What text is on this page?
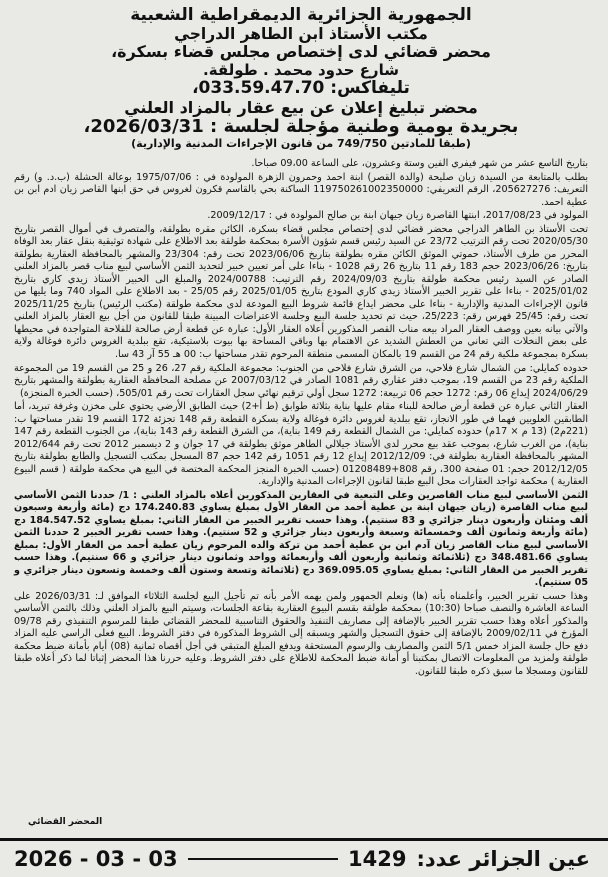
الجمهورية الجزائرية الديمقراطية الشعبية
مكتب الأستاذ ابن الطاهر الدراجي
محضر قضائي لدى إختصاص مجلس قضاء بسكرة،
شارع حدود محمد . طولقة.
تليفاكس: 033.59.47.70،
محضر تبليغ إعلان عن بيع عقار بالمزاد العلني
بجريدة يومية وطنية مؤجلة لجلسة : 2026/03/31،
(طبقا للمادتين 749/750 من قانون الإجراءات المدنية والإدارية)

بتاريخ التاسع عشر من شهر فيفري الفين وستة وعشرون، على الساعة 09،00 صباحا.

بطلب بالمتابعة من السيدة زيان صليحة (والدة القصر) ابنة احمد وحمرون الزهرة المولودة في : 1975/07/06 بوعالة الحشلة (ب.د. و) رقم التعريف: 205627276، الرقم التعريفي: 119750261002350000 الساكنة بحي بالقاسم قكرون لغروس في حق ابنها القاصر زيان ادم ابن بن عطية احمد.

المولود في 2017/08/23، ابنتها القاصرة زيان جيهان ابنة بن صالح المولودة في : 2009/12/17.

تحت الأستاذ بن الطاهر الدراجي محضر قضائي لدى إختصاص مجلس قضاء بسكرة، الكائن مقره بطولقة، والمتصرف في أموال القصر بتاريخ 2020/05/30 تحت رقم الترتيب 23/72 عن السيد رئيس قسم شؤون الأسرة بمحكمة طولقة بعد الاطلاع على شهادة توثيقية بنقل عقار بعد الوفاة المحرر من طرف الأستاذ، حموتي الموثق الكائن مقره بطولقة بتاريخ 2023/06/06 تحت رقم: 23/304 والمشهر بالمحافظة العقارية بطولقة بتاريخ: 2023/06/26 حجم 183 رقم 11 بتاريخ 26 رقم 1028 - بناءا على أمر تعيين خبير لتحديد الثمن الأساسي لبيع مناب قصر بالمزاد العلني الصادر عن السيد رئيس محكمة طولقة بتاريخ 2024/09/03 رقم الترتيب: 2024/00788 والمبلغ الى الخبير الأستاذ زيدي كاري بتاريخ 2025/01/02 - بناءا على تقرير الخبير الأستاذ زيدي كاري المودع بتاريخ 2025/01/05 رقم 25/05 - بعد الاطلاع على المواد 740 وما يليها من قانون الإجراءات المدنية والإدارية - بناءا على محضر ايداع قائمة شروط البيع المودعة لدى محكمة طولقة (مكتب الرئيس) بتاريخ 2025/11/25 تحت رقم: 25/45 فهرس رقم: 25/223، حيث تم تحديد جلسة البيع وجلسة الاعتراضات المبينة طبقا للقانون من أجل بيع العقار بالمزاد العلني والآتي بيانه بعين ووصف العقار المراد بيعه مناب القصر المذكورين أعلاه العقار الأول: عبارة عن قطعة أرض صالحة للفلاحة المتواجدة في محيطها على بعض النخلات التي تعاني من العطش الشديد عن الاهتمام بها وباقي المساحة بها بيوت بلاستيكية، تقع ببلدية الغروس دائرة فوغالة ولاية بسكرة بمجموعة ملكية رقم 24 من القسم 19 بالمكان المسمى منطقة المرحوم تقدر مساحتها ب: 00 هـ 55 آر 43 سا.

حدوده كمايلي: من الشمال شارع فلاحي، من الشرق شارع فلاحي من الجنوب: مجموعة الملكية رقم 27، 26 و 25 من القسم 19 من المجموعة الملكية رقم 23 من القسم 19، بموجب دفتر عقاري رقم 1081 الصادر في 2007/03/12 عن مصلحة المحافظة العقارية بطولقة والمشهر بتاريخ 2024/06/29 إيداع 06 رقم: 1272 حجم 06 تربيعة: 1272 سجل أولي ترقيم نهائي سجل العقارات تحت رقم 505/01، (حسب الخبرة المنجزة)

العقار الثاني عبارة عن قطعة أرض صالحة للبناء مقام عليها بناية بثلاثة طوابق (ط أ+2) حيث الطابق الأرضي يحتوي على مخزن وغرفة تبريد، أما الطابقين العلويين فهما في طور الانجاز، تقع ببلدية لغروس دائرة فوغالة ولاية بسكرة القطعة رقم 148 تجزئة 172 القسم 19 تقدر مساحتها ب: (221م2) (13 م × 17م) حدوده كمايلي: من الشمال القطعة رقم 149 بناية)، من الشرق القطعة رقم 143 بناية)، من الجنوب القطعة رقم 147 بناية)، من الغرب شارع، بموجب عقد بيع محرر لدى الأستاذ جيلالي الطاهر موثق بطولقة في 17 جوان و 2 ديسمبر 2012 تحت رقم 2012/644 المشهر بالمحافظة العقارية بطولقة في: 2012/12/09 إيداع 12 رقم 1051 رقم 142 حجم 87 المسجل بمكتب التسجيل والطابع بطولقة بتاريخ 2012/12/05 حجم: 01 صفحة 300، رقم 808+01208489 (حسب الخبرة المنجز المحكمة المختصة في البيع هي محكمة طولقة ( قسم البيوع العقارية ) محكمة تواجد العقارات محل البيع طبقا لقانون الإجراءات المدنية والإدارية.

الثمن الأساسي لبيع مناب القاصرين وعلى التبعية في العقارين المذكورين أعلاه بالمزاد العلني : 1/ حددنا الثمن الأساسي لبيع مناب القاصرة (زيان جيهان ابنة بن عطية أحمد من العقار الأول بمبلغ يساوي 174.240.83 دج (مائة وأربعة وسبعون ألف ومئتان وأربعون دينار جزائري و 83 سنتيم). وهذا حسب تقرير الخبير من العقار الثاني: بمبلغ يساوي 184.547.52 دج (مائة وأربعة وثمانون ألف وخمسمائة وسبعة وأربعون دينار جزائري و 52 سنتيم). وهذا حسب تقرير الخبير 2 حددنا الثمن الأساسي لبيع مناب القاصر زيان آدم ابن بن عطية أحمد من تركة والده المرحوم زيان عطية أحمد من العقار الأول: بمبلغ يساوي 348.481.66 دج (ثلاثمائة وثمانية وأربعون ألف وأربعمائة وواحد وثمانون دينار جزائري و 66 سنتيم). وهذا حسب تقرير الخبير من العقار الثاني: بمبلغ يساوي 369.095.05 دج (ثلاثمائة وتسعة وستون ألف وخمسة وتسعون دينار جزائري و 05 سنتيم).

وهذا حسب تقرير الخبير، وأعلمناه بأنه (ها) ونعلم الجمهور ولمن يهمه الأمر بأنه تم تأجيل البيع لجلسة الثلاثاء الموافق لـ: 2026/03/31 على الساعة العاشرة والنصف صباحا (10:30) بمحكمة طولقة بقسم البيوع العقارية بقاعة الجلسات، وسيتم البيع بالمزاد العلني وذلك بالثمن الأساسي والمذكور أعلاه وهذا حسب تقرير الخبير بالإضافة إلى مصاريف التنفيذ والحقوق التناسبية للمحضر القضائي طبقا للمرسوم التنفيذي رقم 09/78 المؤرخ في 2009/02/11 بالإضافة إلى حقوق التسجيل والشهر ويسبقه إلى الشروط المذكورة في دفتر الشروط. البيع فعلى الراسي عليه المزاد دفع حال جلسة المزاد خمس 5/1 الثمن والمصاريف والرسوم المستحقة ويدفع المبلغ المتبقي في أجل أقصاه ثمانية (08) أيام بأمانة ضبط محكمة طولقة ولمزيد من المعلومات الاتصال بمكتبنا أو أمانة ضبط المحكمة للاطلاع على دفتر الشروط. وعليه حررنا هذا المحضر إثباتا لما ذكر أعلاه طبقا للقانون ومسجلا ما سبق ذكره طبقا للقانون.

المحضر القضائي
عين الجزائر عدد:
1429
2026 - 03 - 03
